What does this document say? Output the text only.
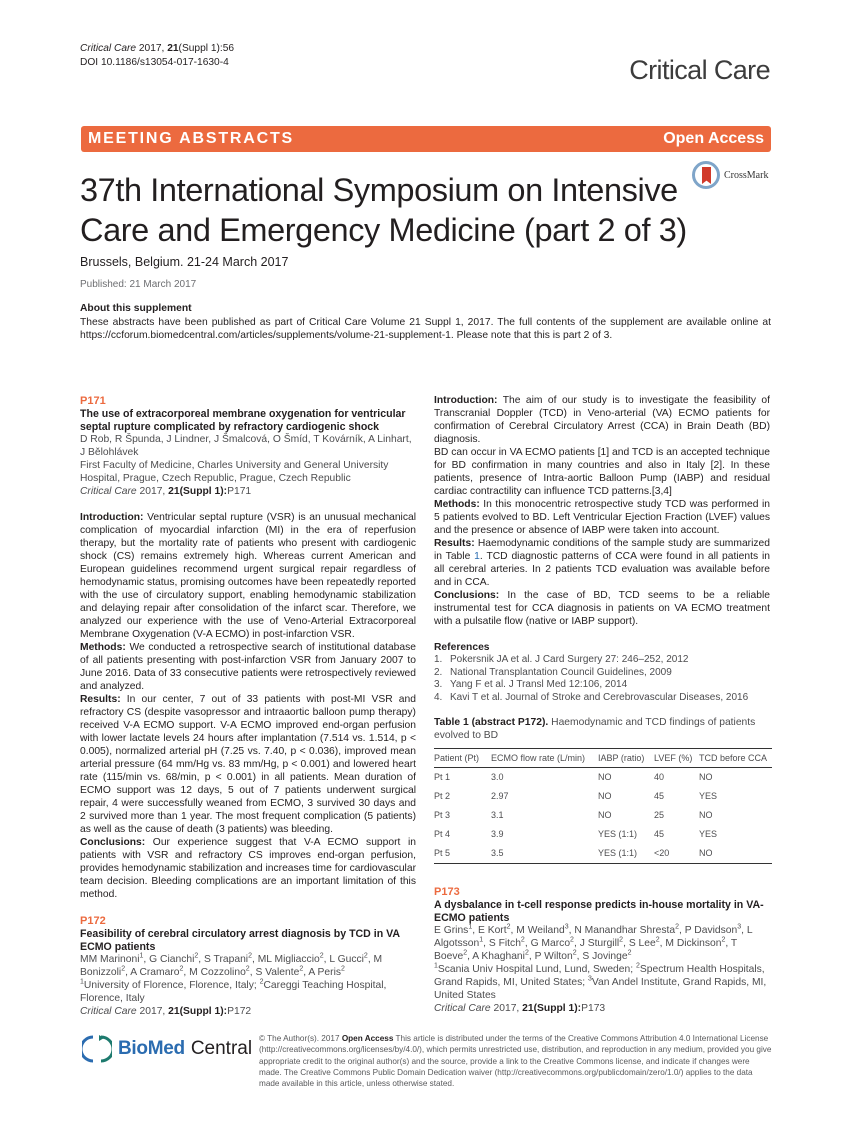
Critical Care 2017, 21(Suppl 1):56
DOI 10.1186/s13054-017-1630-4	Critical Care
MEETING ABSTRACTS	Open Access
37th International Symposium on Intensive Care and Emergency Medicine (part 2 of 3)
CrossMark
Brussels, Belgium. 21-24 March 2017
Published: 21 March 2017
About this supplement
These abstracts have been published as part of Critical Care Volume 21 Suppl 1, 2017. The full contents of the supplement are available online at https://ccforum.biomedcentral.com/articles/supplements/volume-21-supplement-1. Please note that this is part 2 of 3.
P171
The use of extracorporeal membrane oxygenation for ventricular septal rupture complicated by refractory cardiogenic shock
D Rob, R Špunda, J Lindner, J Šmalcová, O Šmíd, T Kovárník, A Linhart, J Bělohlávek
First Faculty of Medicine, Charles University and General University Hospital, Prague, Czech Republic, Prague, Czech Republic
Critical Care 2017, 21(Suppl 1):P171

Introduction: Ventricular septal rupture (VSR) is an unusual mechanical complication of myocardial infarction (MI) in the era of reperfusion therapy, but the mortality rate of patients who present with cardiogenic shock (CS) remains extremely high. Whereas current American and European guidelines recommend urgent surgical repair regardless of hemodynamic status, promising outcomes have been repeatedly reported with the use of circulatory support, enabling hemodynamic stabilization and delaying repair after consolidation of the infarct scar. Therefore, we analyzed our experience with the use of Veno-Arterial Extracorporeal Membrane Oxygenation (V-A ECMO) in post-infarction VSR.

Methods: We conducted a retrospective search of institutional database of all patients presenting with post-infarction VSR from January 2007 to June 2016. Data of 33 consecutive patients were retrospectively reviewed and analyzed.

Results: In our center, 7 out of 33 patients with post-MI VSR and refractory CS (despite vasopressor and intraaortic balloon pump therapy) received V-A ECMO support. V-A ECMO improved end-organ perfusion with lower lactate levels 24 hours after implantation (7.514 vs. 1.514, p < 0.005), normalized arterial pH (7.25 vs. 7.40, p < 0.036), improved mean arterial pressure (64 mm/Hg vs. 83 mm/Hg, p < 0.001) and lowered heart rate (115/min vs. 68/min, p < 0.001) in all patients. Mean duration of ECMO support was 12 days, 5 out of 7 patients underwent surgical repair, 4 were successfully weaned from ECMO, 3 survived 30 days and 2 survived more than 1 year. The most frequent complication (5 patients) as well as the cause of death (3 patients) was bleeding.

Conclusions: Our experience suggest that V-A ECMO support in patients with VSR and refractory CS improves end-organ perfusion, provides hemodynamic stabilization and increases time for cardiovascular team decision. Bleeding complications are an important limitation of this method.

P172
Feasibility of cerebral circulatory arrest diagnosis by TCD in VA ECMO patients
MM Marinoni$^1$, G Cianchi$^2$, S Trapani$^2$, ML Migliaccio$^2$, L Gucci$^2$, M Bonizzoli$^2$, A Cramaro$^2$, M Cozzolino$^2$, S Valente$^2$, A Peris$^2$
$^1$University of Florence, Florence, Italy; $^2$Careggi Teaching Hospital, Florence, Italy
Critical Care 2017, 21(Suppl 1):P172

Introduction: The aim of our study is to investigate the feasibility of Transcranial Doppler (TCD) in Veno-arterial (VA) ECMO patients for confirmation of Cerebral Circulatory Arrest (CCA) in Brain Death (BD) diagnosis.

BD can occur in VA ECMO patients [1] and TCD is an accepted technique for BD confirmation in many countries and also in Italy [2]. In these patients, presence of Intra-aortic Balloon Pump (IABP) and residual cardiac contractility can influence TCD patterns.[3,4]

Methods: In this monocentric retrospective study TCD was performed in 5 patients evolved to BD. Left Ventricular Ejection Fraction (LVEF) values and the presence or absence of IABP were taken into account.

Results: Haemodynamic conditions of the sample study are summarized in Table 1. TCD diagnostic patterns of CCA were found in all patients in all cerebral arteries. In 2 patients TCD evaluation was available before and in CCA.

Conclusions: In the case of BD, TCD seems to be a reliable instrumental test for CCA diagnosis in patients on VA ECMO treatment with a pulsatile flow (native or IABP support).

References
1. Pokersnik JA et al. J Card Surgery 27: 246–252, 2012
2. National Transplantation Council Guidelines, 2009
3. Yang F et al. J Transl Med 12:106, 2014
4. Kavi T et al. Journal of Stroke and Cerebrovascular Diseases, 2016
Table 1 (abstract P172). Haemodynamic and TCD findings of patients evolved to BD
Patient (Pt)	ECMO flow rate (L/min)	IABP (ratio)	LVEF (%)	TCD before CCA
Pt 1	3.0	NO	40	NO
Pt 2	2.97	NO	45	YES
Pt 3	3.1	NO	25	NO
Pt 4	3.9	YES (1:1)	45	YES
Pt 5	3.5	YES (1:1)	<20	NO
P173
A dysbalance in t-cell response predicts in-house mortality in VA-ECMO patients
E Grins$^1$, E Kort$^2$, M Weiland$^3$, N Manandhar Shresta$^2$, P Davidson$^3$, L Algotsson$^1$, S Fitch$^2$, G Marco$^2$, J Sturgill$^2$, S Lee$^2$, M Dickinson$^2$, T Boeve$^2$, A Khaghani$^2$, P Wilton$^2$, S Jovinge$^2$
$^1$Scania Univ Hospital Lund, Lund, Sweden; $^2$Spectrum Health Hospitals, Grand Rapids, MI, United States; $^3$Van Andel Institute, Grand Rapids, MI, United States
Critical Care 2017, 21(Suppl 1):P173
BioMed Central © The Author(s). 2017 Open Access This article is distributed under the terms of the Creative Commons Attribution 4.0 International License (http://creativecommons.org/licenses/by/4.0/), which permits unrestricted use, distribution, and reproduction in any medium, provided you give appropriate credit to the original author(s) and the source, provide a link to the Creative Commons license, and indicate if changes were made. The Creative Commons Public Domain Dedication waiver (http://creativecommons.org/publicdomain/zero/1.0/) applies to the data made available in this article, unless otherwise stated.
